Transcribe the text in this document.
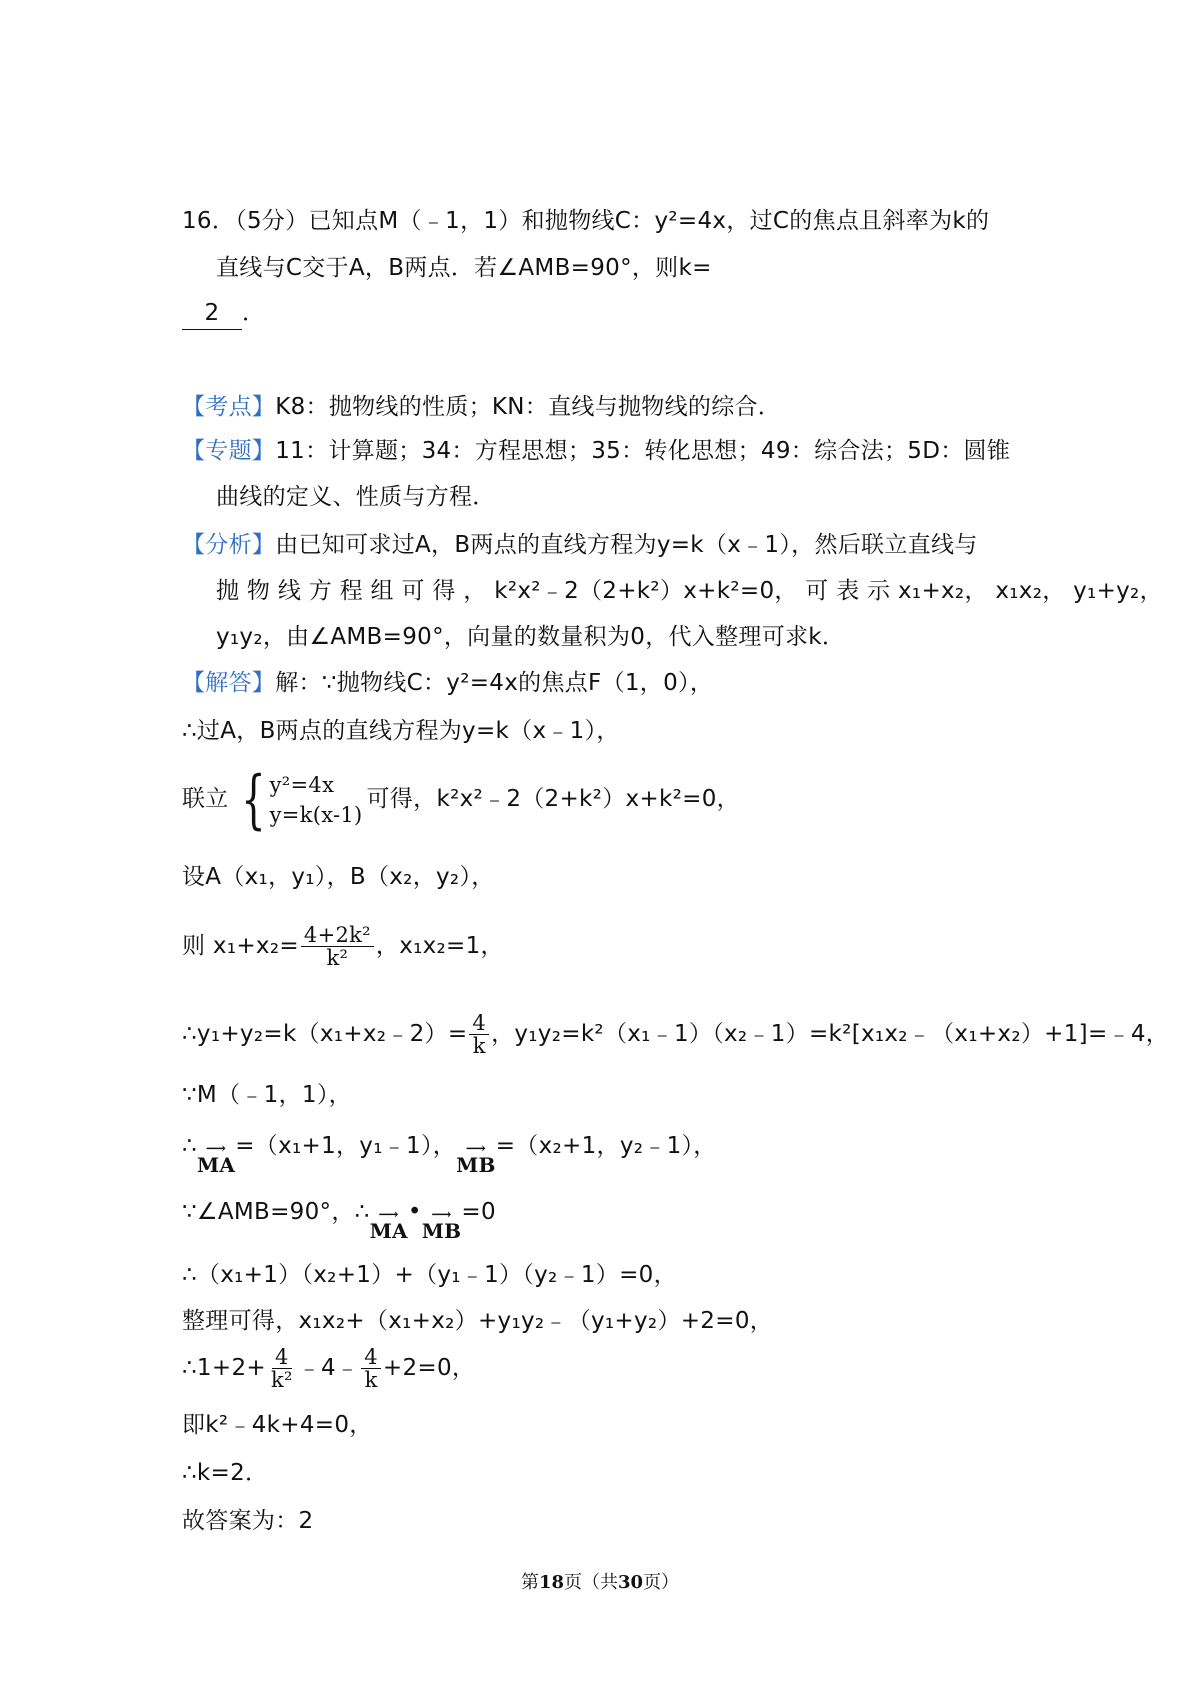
16．（5分）已知点M（﹣1，1）和抛物线C：y²=4x，过C的焦点且斜率为k的
直线与C交于A，B两点．若∠AMB=90°，则k=
2 ．
【考点】K8：抛物线的性质；KN：直线与抛物线的综合．
【专题】11：计算题；34：方程思想；35：转化思想；49：综合法；5D：圆锥
曲线的定义、性质与方程．
【分析】由已知可求过A，B两点的直线方程为y=k（x﹣1），然后联立直线与
抛 物 线 方 程 组 可 得 ， k²x²﹣2（2+k²）x+k²=0， 可 表 示 x₁+x₂， x₁x₂， y₁+y₂，
y₁y₂，由∠AMB=90°，向量的数量积为0，代入整理可求k．
【解答】解：∵抛物线C：y²=4x的焦点F（1，0），
∴过A，B两点的直线方程为y=k（x﹣1），
联立 { y²=4x
y=k(x-1)
可得，k²x²﹣2（2+k²）x+k²=0，
设A（x₁，y₁），B（x₂，y₂），
则 $x_1+x_2= \frac{\text{4+2k²}}{\text{k²}}$ ，x₁x₂=1，
∴y₁+y₂=k（x₁+x₂﹣2）= $\frac{4}{k}$ ，y₁y₂=k²（x₁﹣1）（x₂﹣1）=k²[x₁x₂﹣（x₁+x₂）+1]=﹣4，
∵M（﹣1，1），
∴ ⟶
MA
=（x₁+1，y₁﹣1）， ⟶
MB
=（x₂+1，y₂﹣1），
∵∠AMB=90°，∴ ⟶
MA
• ⟶
MB
=0
∴（x₁+1）（x₂+1）+（y₁﹣1）（y₂﹣1）=0，
整理可得，x₁x₂+（x₁+x₂）+y₁y₂﹣（y₁+y₂）+2=0，
∴1+2+ $\frac{4}{\text{k²}}$ ﹣4﹣ $\frac{4}{k} +2=0$，
即k²﹣4k+4=0，
∴k=2．
故答案为：2
第18页（共30页）
